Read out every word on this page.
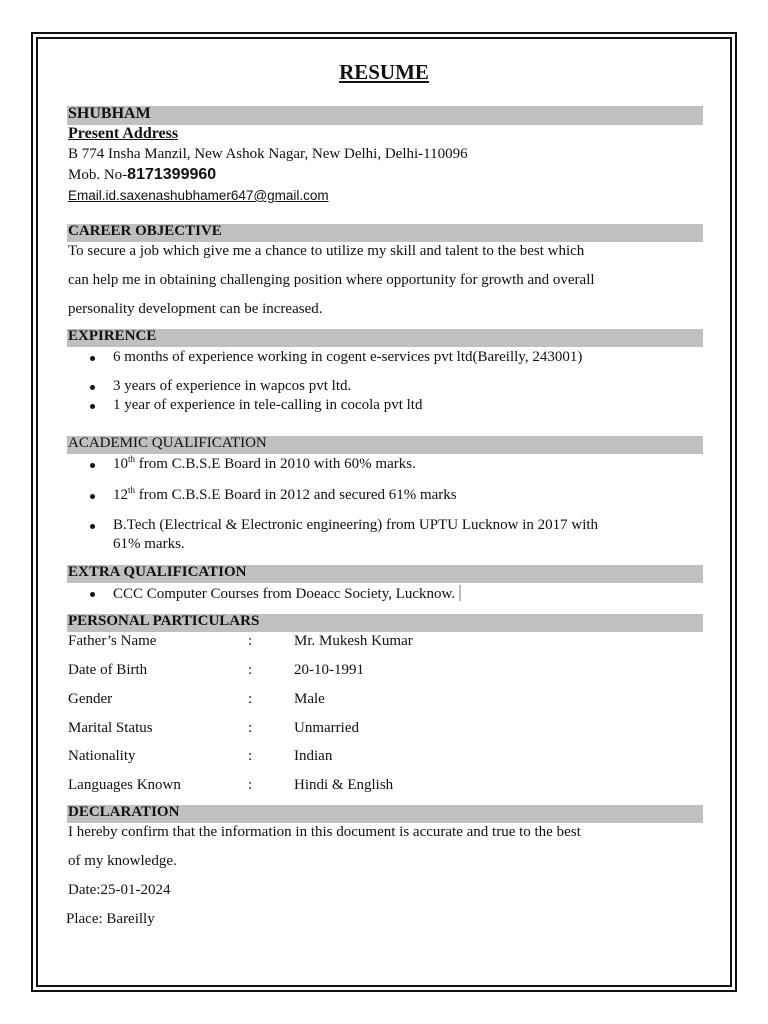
RESUME
SHUBHAM
Present Address
B 774 Insha Manzil, New Ashok Nagar, New Delhi, Delhi-110096
Mob. No-8171399960
Email.id.saxenashubhamer647@gmail.com
CAREER OBJECTIVE
To secure a job which give me a chance to utilize my skill and talent to the best which
can help me in obtaining challenging position where opportunity for growth and overall
personality development can be increased.
EXPIRENCE
6 months of experience working in cogent e-services pvt ltd(Bareilly, 243001)
3 years of experience in wapcos pvt ltd.
1 year of experience in tele-calling in cocola pvt ltd
ACADEMIC QUALIFICATION
10th from C.B.S.E Board in 2010 with 60% marks.
12th from C.B.S.E Board in 2012 and secured 61% marks
B.Tech (Electrical & Electronic engineering) from UPTU Lucknow in 2017 with
61% marks.
EXTRA QUALIFICATION
CCC Computer Courses from Doeacc Society, Lucknow.
PERSONAL PARTICULARS
Father’s Name	:	Mr. Mukesh Kumar
Date of Birth	:	20-10-1991
Gender	:	Male
Marital Status	:	Unmarried
Nationality	:	Indian
Languages Known	:	Hindi & English
DECLARATION
I hereby confirm that the information in this document is accurate and true to the best
of my knowledge.
Date:25-01-2024
Place: Bareilly
